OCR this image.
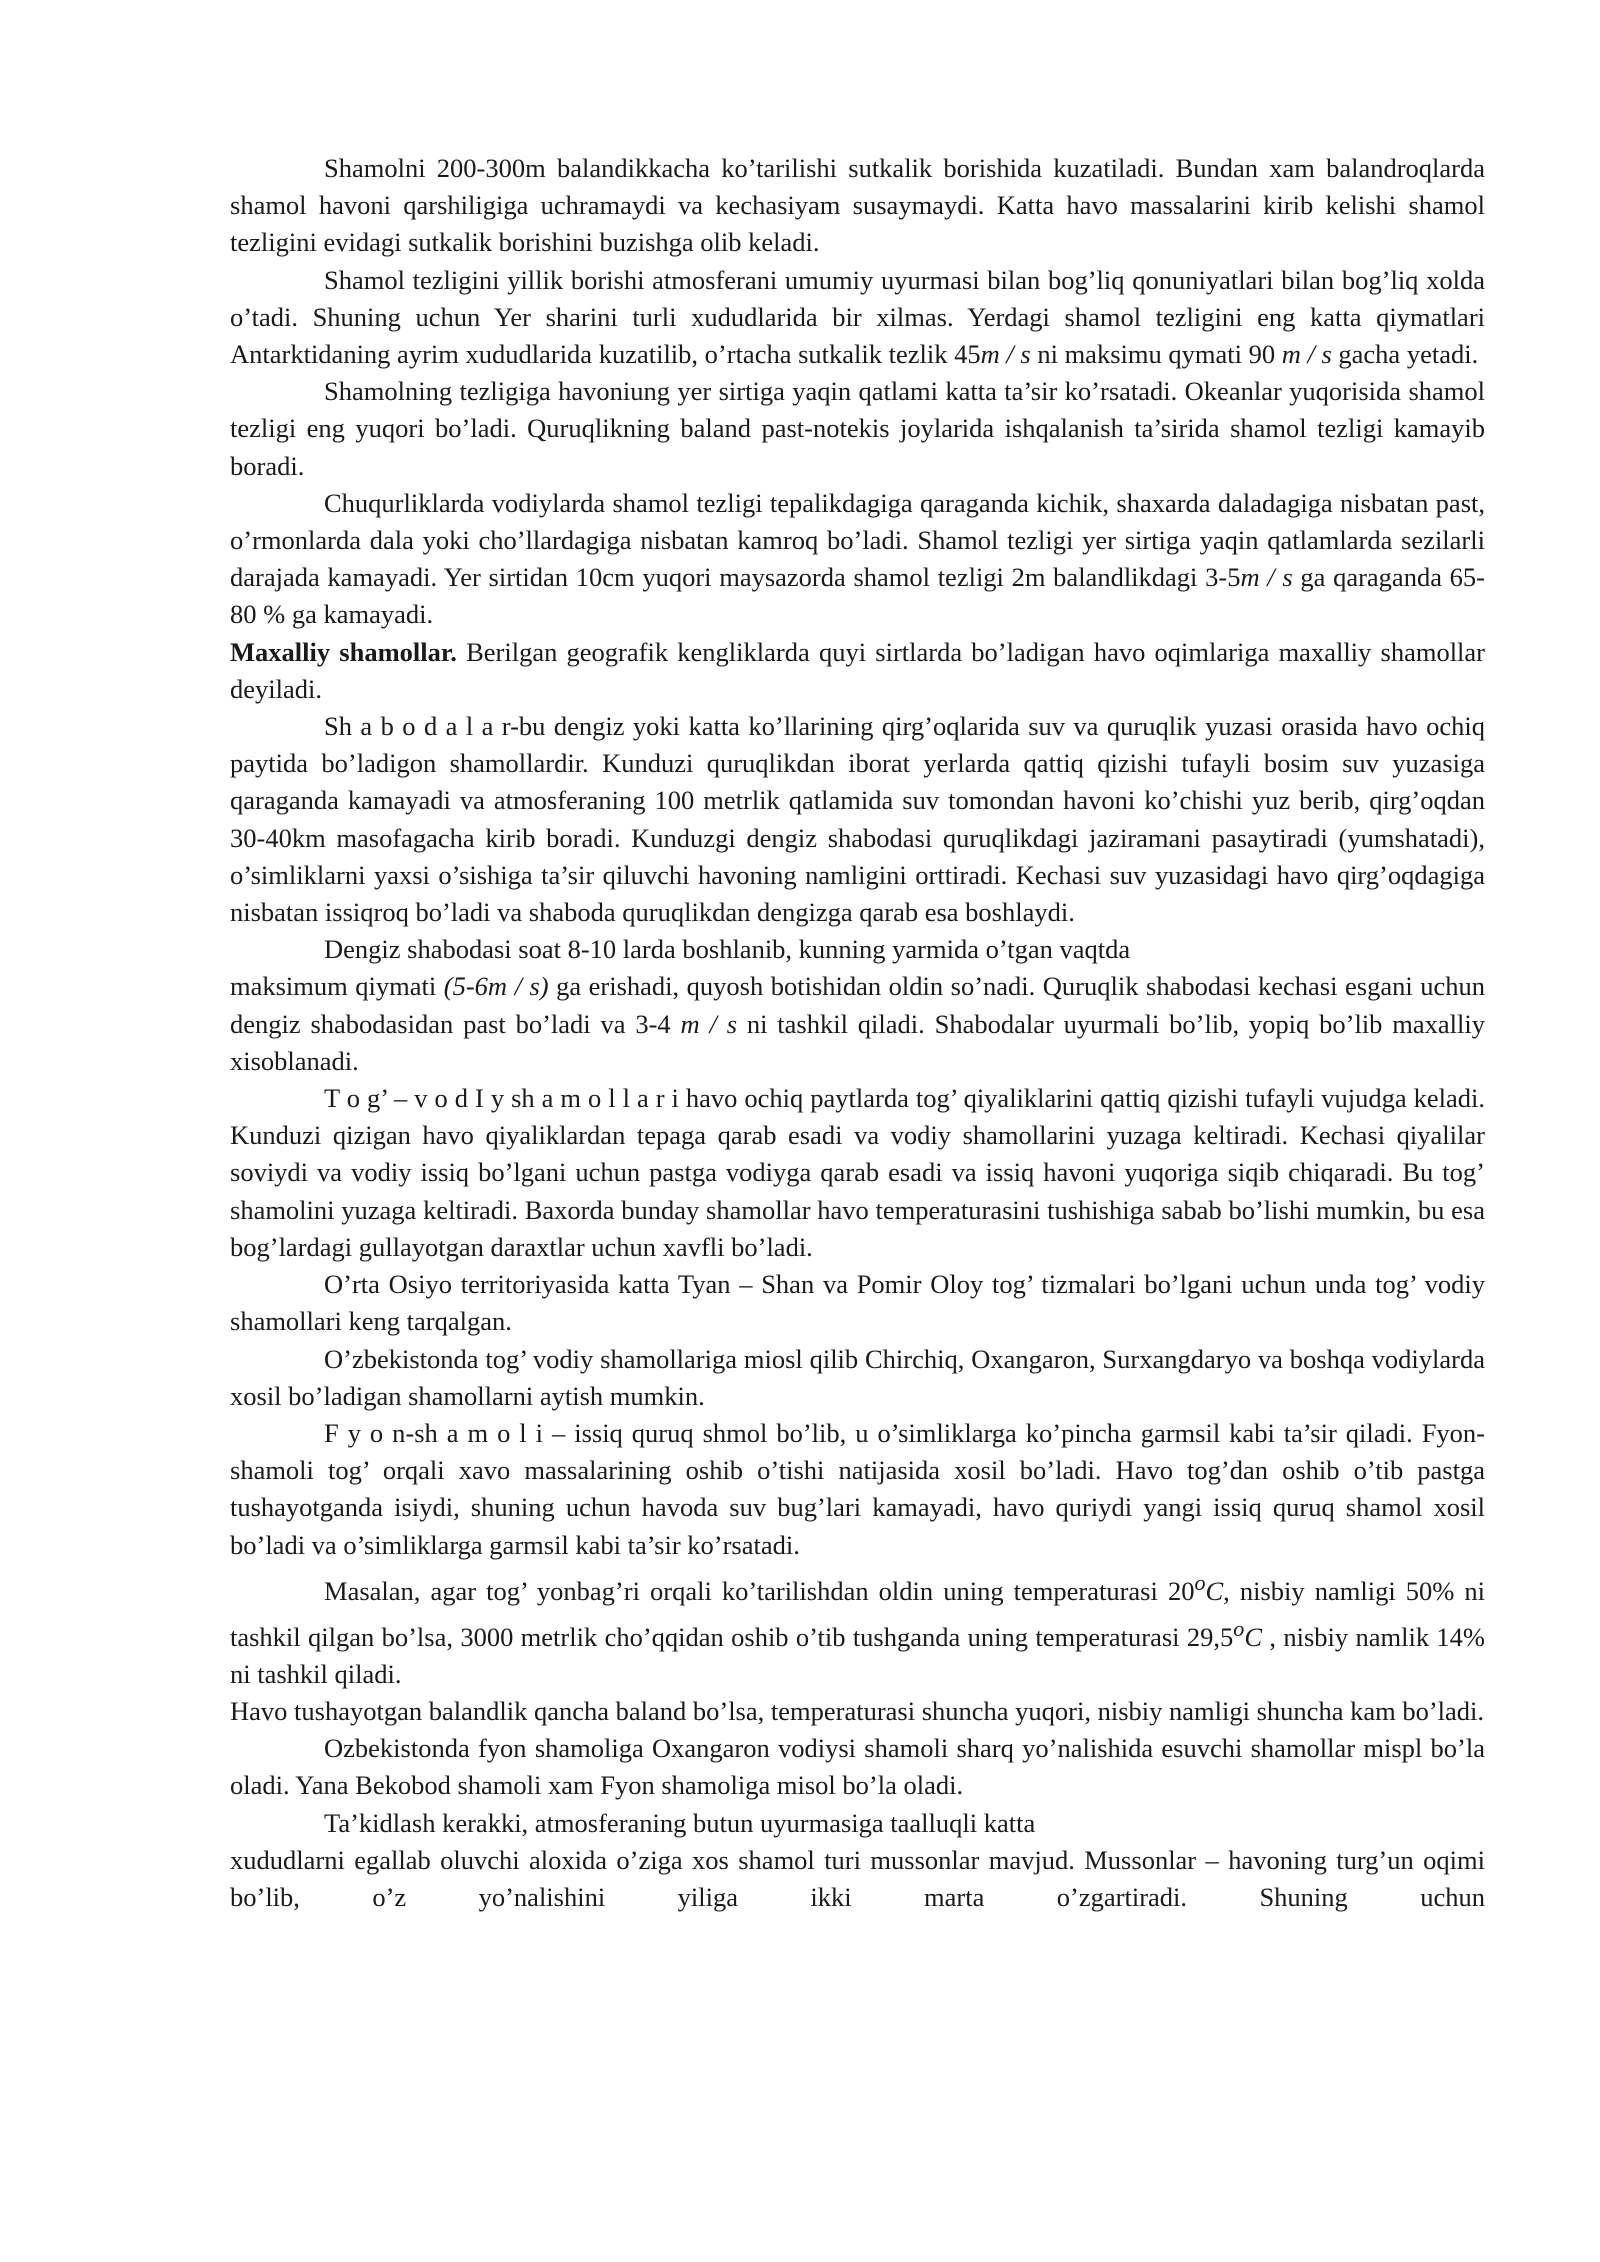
Shamolni 200-300m balandikkacha ko’tarilishi sutkalik borishida kuzatiladi. Bundan xam balandroqlarda shamol havoni qarshiligiga uchramaydi va kechasiyam susaymaydi. Katta havo massalarini kirib kelishi shamol tezligini evidagi sutkalik borishini buzishga olib keladi.

Shamol tezligini yillik borishi atmosferani umumiy uyurmasi bilan bog’liq qonuniyatlari bilan bog’liq xolda o’tadi. Shuning uchun Yer sharini turli xududlarida bir xilmas. Yerdagi shamol tezligini eng katta qiymatlari Antarktidaning ayrim xududlarida kuzatilib, o’rtacha sutkalik tezlik 45m / s ni maksimu qymati 90 m / s gacha yetadi.

Shamolning tezligiga havoniung yer sirtiga yaqin qatlami katta ta’sir ko’rsatadi. Okeanlar yuqorisida shamol tezligi eng yuqori bo’ladi. Quruqlikning baland past-notekis joylarida ishqalanish ta’sirida shamol tezligi kamayib boradi.

Chuqurliklarda vodiylarda shamol tezligi tepalikdagiga qaraganda kichik, shaxarda daladagiga nisbatan past, o’rmonlarda dala yoki cho’llardagiga nisbatan kamroq bo’ladi. Shamol tezligi yer sirtiga yaqin qatlamlarda sezilarli darajada kamayadi. Yer sirtidan 10cm yuqori maysazorda shamol tezligi 2m balandlikdagi 3-5m / s ga qaraganda 65-80 % ga kamayadi.

Maxalliy shamollar. Berilgan geografik kengliklarda quyi sirtlarda bo’ladigan havo oqimlariga maxalliy shamollar deyiladi.

Sh a b o d a l a r-bu dengiz yoki katta ko’llarining qirg’oqlarida suv va quruqlik yuzasi orasida havo ochiq paytida bo’ladigon shamollardir. Kunduzi quruqlikdan iborat yerlarda qattiq qizishi tufayli bosim suv yuzasiga qaraganda kamayadi va atmosferaning 100 metrlik qatlamida suv tomondan havoni ko’chishi yuz berib, qirg’oqdan 30-40km masofagacha kirib boradi. Kunduzgi dengiz shabodasi quruqlikdagi jaziramani pasaytiradi (yumshatadi), o’simliklarni yaxsi o’sishiga ta’sir qiluvchi havoning namligini orttiradi. Kechasi suv yuzasidagi havo qirg’oqdagiga nisbatan issiqroq bo’ladi va shaboda quruqlikdan dengizga qarab esa boshlaydi.

Dengiz shabodasi soat 8-10 larda boshlanib, kunning yarmida o’tgan vaqtda

maksimum qiymati (5-6m / s) ga erishadi, quyosh botishidan oldin so’nadi. Quruqlik shabodasi kechasi esgani uchun dengiz shabodasidan past bo’ladi va 3-4 m / s ni tashkil qiladi. Shabodalar uyurmali bo’lib, yopiq bo’lib maxalliy xisoblanadi.

T o g’ – v o d I y sh a m o l l a r i havo ochiq paytlarda tog’ qiyaliklarini qattiq qizishi tufayli vujudga keladi. Kunduzi qizigan havo qiyaliklardan tepaga qarab esadi va vodiy shamollarini yuzaga keltiradi. Kechasi qiyalilar soviydi va vodiy issiq bo’lgani uchun pastga vodiyga qarab esadi va issiq havoni yuqoriga siqib chiqaradi. Bu tog’ shamolini yuzaga keltiradi. Baxorda bunday shamollar havo temperaturasini tushishiga sabab bo’lishi mumkin, bu esa bog’lardagi gullayotgan daraxtlar uchun xavfli bo’ladi.

O’rta Osiyo territoriyasida katta Tyan – Shan va Pomir Oloy tog’ tizmalari bo’lgani uchun unda tog’ vodiy shamollari keng tarqalgan.

O’zbekistonda tog’ vodiy shamollariga miosl qilib Chirchiq, Oxangaron, Surxangdaryo va boshqa vodiylarda xosil bo’ladigan shamollarni aytish mumkin.

F y o n-sh a m o l i – issiq quruq shmol bo’lib, u o’simliklarga ko’pincha garmsil kabi ta’sir qiladi. Fyon-shamoli tog’ orqali xavo massalarining oshib o’tishi natijasida xosil bo’ladi. Havo tog’dan oshib o’tib pastga tushayotganda isiydi, shuning uchun havoda suv bug’lari kamayadi, havo quriydi yangi issiq quruq shamol xosil bo’ladi va o’simliklarga garmsil kabi ta’sir ko’rsatadi.

Masalan, agar tog’ yonbag’ri orqali ko’tarilishdan oldin uning temperaturasi 20$^o$C, nisbiy namligi 50% ni tashkil qilgan bo’lsa, 3000 metrlik cho’qqidan oshib o’tib tushganda uning temperaturasi 29,5$^o$C , nisbiy namlik 14% ni tashkil qiladi.

Havo tushayotgan balandlik qancha baland bo’lsa, temperaturasi shuncha yuqori, nisbiy namligi shuncha kam bo’ladi.

Ozbekistonda fyon shamoliga Oxangaron vodiysi shamoli sharq yo’nalishida esuvchi shamollar mispl bo’la oladi. Yana Bekobod shamoli xam Fyon shamoliga misol bo’la oladi.

Ta’kidlash kerakki, atmosferaning butun uyurmasiga taalluqli katta

xududlarni egallab oluvchi aloxida o’ziga xos shamol turi mussonlar mavjud. Mussonlar – havoning turg’un oqimi bo’lib, o’z yo’nalishini yiliga ikki marta o’zgartiradi. Shuning uchun
